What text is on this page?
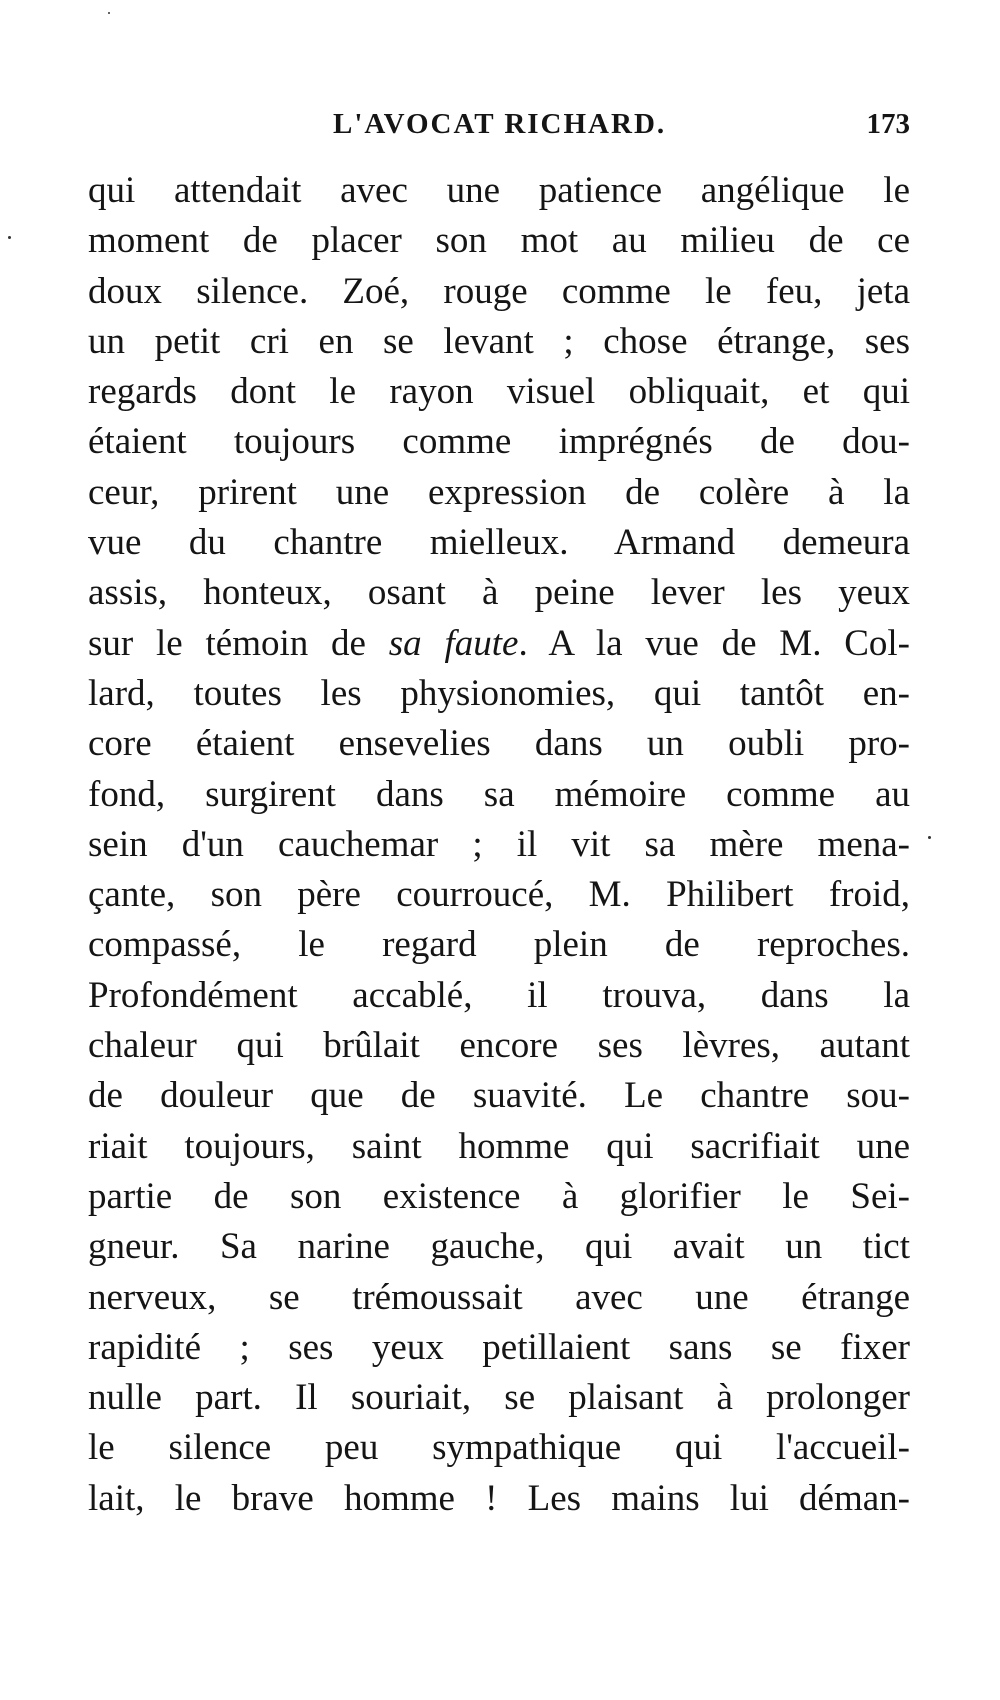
L'AVOCAT RICHARD.	173
qui attendait avec une patience angélique le
moment de placer son mot au milieu de ce
doux silence. Zoé, rouge comme le feu, jeta
un petit cri en se levant ; chose étrange, ses
regards dont le rayon visuel obliquait, et qui
étaient toujours comme imprégnés de dou-
ceur, prirent une expression de colère à la
vue du chantre mielleux. Armand demeura
assis, honteux, osant à peine lever les yeux
sur le témoin de sa faute. A la vue de M. Col-
lard, toutes les physionomies, qui tantôt en-
core étaient ensevelies dans un oubli pro-
fond, surgirent dans sa mémoire comme au
sein d'un cauchemar ; il vit sa mère mena-
çante, son père courroucé, M. Philibert froid,
compassé, le regard plein de reproches.
Profondément accablé, il trouva, dans la
chaleur qui brûlait encore ses lèvres, autant
de douleur que de suavité. Le chantre sou-
riait toujours, saint homme qui sacrifiait une
partie de son existence à glorifier le Sei-
gneur. Sa narine gauche, qui avait un tict
nerveux, se trémoussait avec une étrange
rapidité ; ses yeux petillaient sans se fixer
nulle part. Il souriait, se plaisant à prolonger
le silence peu sympathique qui l'accueil-
lait, le brave homme ! Les mains lui déman-
